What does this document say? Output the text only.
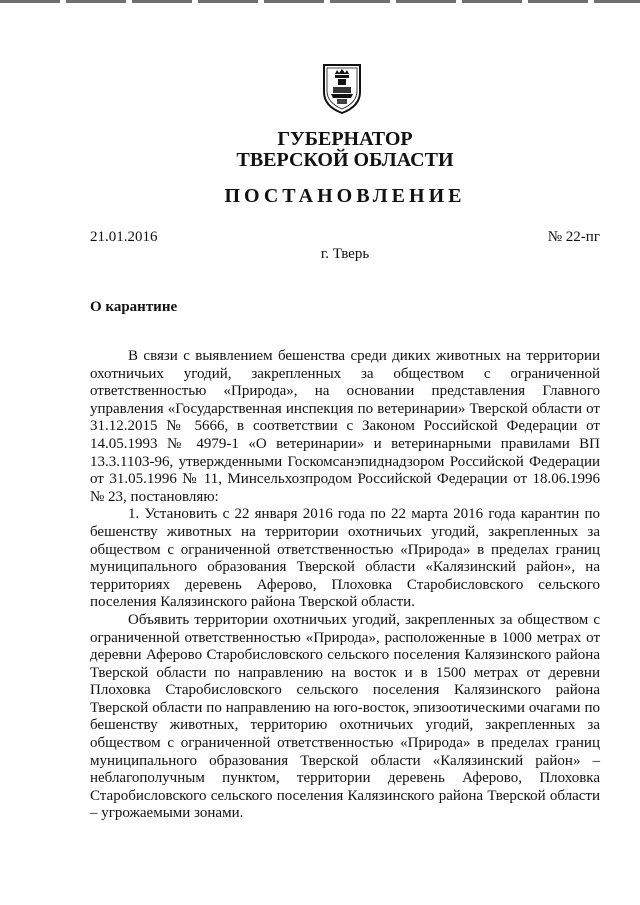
ГУБЕРНАТОР
ТВЕРСКОЙ ОБЛАСТИ
ПОСТАНОВЛЕНИЕ
21.01.2016	№ 22-пг
г. Тверь
О карантине

В связи с выявлением бешенства среди диких животных на территории охотничьих угодий, закрепленных за обществом с ограниченной ответственностью «Природа», на основании представления Главного управления «Государственная инспекция по ветеринарии» Тверской области от 31.12.2015 № 5666, в соответствии с Законом Российской Федерации от 14.05.1993 № 4979-1 «О ветеринарии» и ветеринарными правилами ВП 13.3.1103-96, утвержденными Госкомсанэпиднадзором Российской Федерации от 31.05.1996 № 11, Минсельхозпродом Российской Федерации от 18.06.1996 № 23, постановляю:

1. Установить с 22 января 2016 года по 22 марта 2016 года карантин по бешенству животных на территории охотничьих угодий, закрепленных за обществом с ограниченной ответственностью «Природа» в пределах границ муниципального образования Тверской области «Калязинский район», на территориях деревень Аферово, Плоховка Старобисловского сельского поселения Калязинского района Тверской области.

Объявить территории охотничьих угодий, закрепленных за обществом с ограниченной ответственностью «Природа», расположенные в 1000 метрах от деревни Аферово Старобисловского сельского поселения Калязинского района Тверской области по направлению на восток и в 1500 метрах от деревни Плоховка Старобисловского сельского поселения Калязинского района Тверской области по направлению на юго-восток, эпизоотическими очагами по бешенству животных, территорию охотничьих угодий, закрепленных за обществом с ограниченной ответственностью «Природа» в пределах границ муниципального образования Тверской области «Калязинский район» – неблагополучным пунктом, территории деревень Аферово, Плоховка Старобисловского сельского поселения Калязинского района Тверской области – угрожаемыми зонами.
